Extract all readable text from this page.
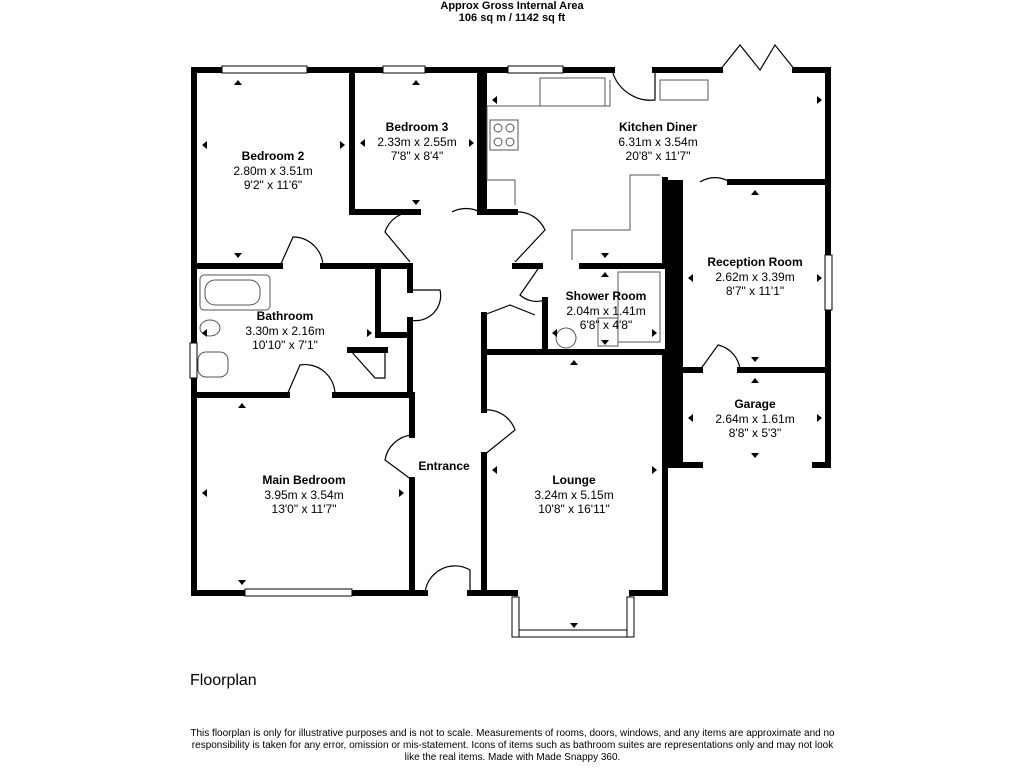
Approx Gross Internal Area
106 sq m / 1142 sq ft
Bedroom 2
2.80m x 3.51m
9'2" x 11'6"
Bedroom 3
2.33m x 2.55m
7'8" x 8'4"
Kitchen Diner
6.31m x 3.54m
20'8" x 11'7"
Reception Room
2.62m x 3.39m
8'7" x 11'1"
Bathroom
3.30m x 2.16m
10'10" x 7'1"
Shower Room
2.04m x 1.41m
6'8" x 4'8"
Garage
2.64m x 1.61m
8'8" x 5'3"
Entrance
Main Bedroom
3.95m x 3.54m
13'0" x 11'7"
Lounge
3.24m x 5.15m
10'8" x 16'11"
Floorplan
This floorplan is only for illustrative purposes and is not to scale. Measurements of rooms, doors, windows, and any items are approximate and no responsibility is taken for any error, omission or mis-statement. Icons of items such as bathroom suites are representations only and may not look like the real items. Made with Made Snappy 360.
